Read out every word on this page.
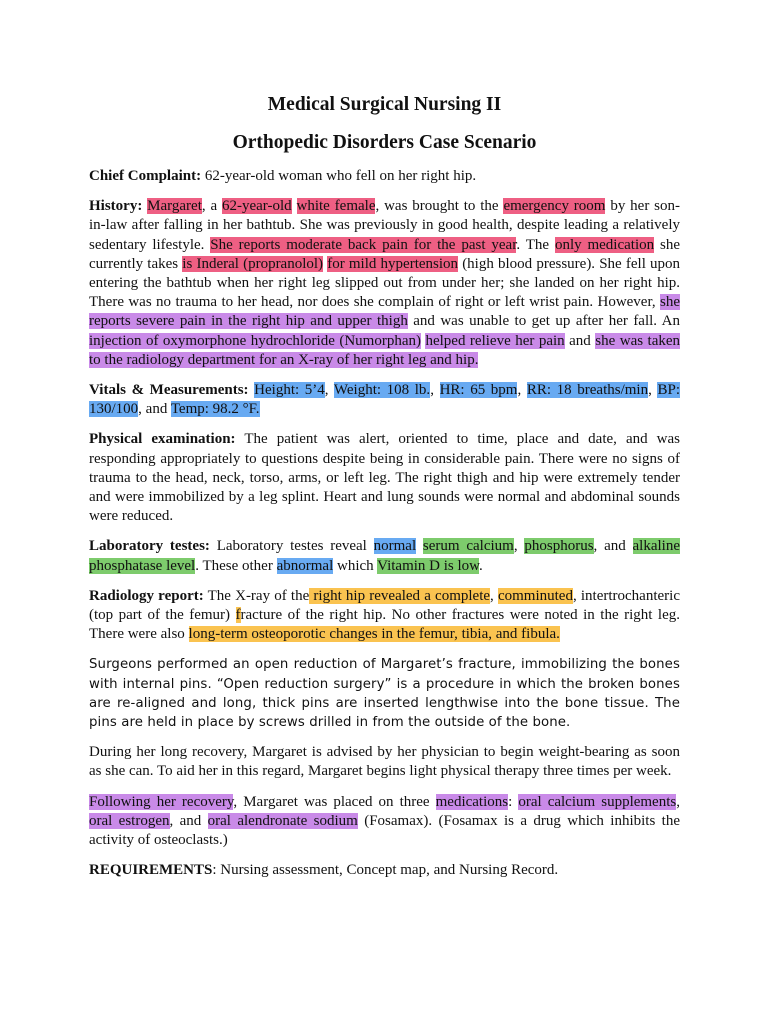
Medical Surgical Nursing II
Orthopedic Disorders Case Scenario

Chief Complaint: 62-year-old woman who fell on her right hip.

History: Margaret, a 62-year-old white female, was brought to the emergency room by her son-in-law after falling in her bathtub. She was previously in good health, despite leading a relatively sedentary lifestyle. She reports moderate back pain for the past year. The only medication she currently takes is Inderal (propranolol) for mild hypertension (high blood pressure). She fell upon entering the bathtub when her right leg slipped out from under her; she landed on her right hip. There was no trauma to her head, nor does she complain of right or left wrist pain. However, she reports severe pain in the right hip and upper thigh and was unable to get up after her fall. An injection of oxymorphone hydrochloride (Numorphan) helped relieve her pain and she was taken to the radiology department for an X-ray of her right leg and hip.

Vitals & Measurements: Height: 5’4, Weight: 108 lb., HR: 65 bpm, RR: 18 breaths/min, BP: 130/100, and Temp: 98.2 °F.

Physical examination: The patient was alert, oriented to time, place and date, and was responding appropriately to questions despite being in considerable pain. There were no signs of trauma to the head, neck, torso, arms, or left leg. The right thigh and hip were extremely tender and were immobilized by a leg splint. Heart and lung sounds were normal and abdominal sounds were reduced.

Laboratory testes: Laboratory testes reveal normal serum calcium, phosphorus, and alkaline phosphatase level. These other abnormal which Vitamin D is low.

Radiology report: The X-ray of the right hip revealed a complete, comminuted, intertrochanteric (top part of the femur) fracture of the right hip. No other fractures were noted in the right leg. There were also long-term osteoporotic changes in the femur, tibia, and fibula.

Surgeons performed an open reduction of Margaret’s fracture, immobilizing the bones with internal pins. “Open reduction surgery” is a procedure in which the broken bones are re-aligned and long, thick pins are inserted lengthwise into the bone tissue. The pins are held in place by screws drilled in from the outside of the bone.

During her long recovery, Margaret is advised by her physician to begin weight-bearing as soon as she can. To aid her in this regard, Margaret begins light physical therapy three times per week.

Following her recovery, Margaret was placed on three medications: oral calcium supplements, oral estrogen, and oral alendronate sodium (Fosamax). (Fosamax is a drug which inhibits the activity of osteoclasts.)

REQUIREMENTS: Nursing assessment, Concept map, and Nursing Record.
